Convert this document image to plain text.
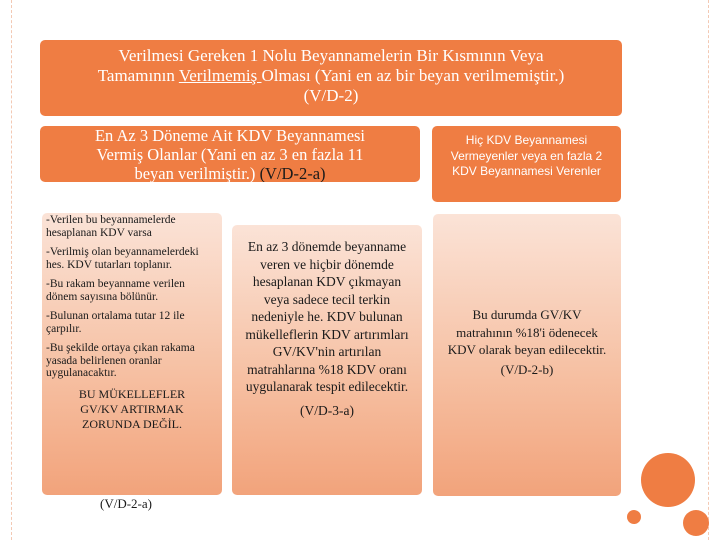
Verilmesi Gereken 1 Nolu Beyannamelerin Bir Kısmının Veya

Tamamının Verilmemiş Olması (Yani en az bir beyan verilmemiştir.)

(V/D-2)

En Az 3 Döneme Ait KDV Beyannamesi Vermiş Olanlar (Yani en az 3 en fazla 11 beyan verilmiştir.) (V/D-2-a)
Hiç KDV Beyannamesi Vermeyenler veya en fazla 2 KDV Beyannamesi Verenler

-Verilen bu beyannamelerde hesaplanan KDV varsa

-Verilmiş olan beyannamelerdeki hes. KDV tutarları toplanır.

-Bu rakam beyanname verilen dönem sayısına bölünür.

-Bulunan ortalama tutar 12 ile çarpılır.

-Bu şekilde ortaya çıkan rakama yasada belirlenen oranlar uygulanacaktır.

BU MÜKELLEFLER GV/KV ARTIRMAK ZORUNDA DEĞİL.

(V/D-2-a)

En az 3 dönemde beyanname veren ve hiçbir dönemde hesaplanan KDV çıkmayan veya sadece tecil terkin nedeniyle he. KDV bulunan mükelleflerin KDV artırımları GV/KV'nin artırılan matrahlarına %18 KDV oranı uygulanarak tespit edilecektir.

(V/D-3-a)

Bu durumda GV/KV matrahının %18'i ödenecek KDV olarak beyan edilecektir.

(V/D-2-b)
